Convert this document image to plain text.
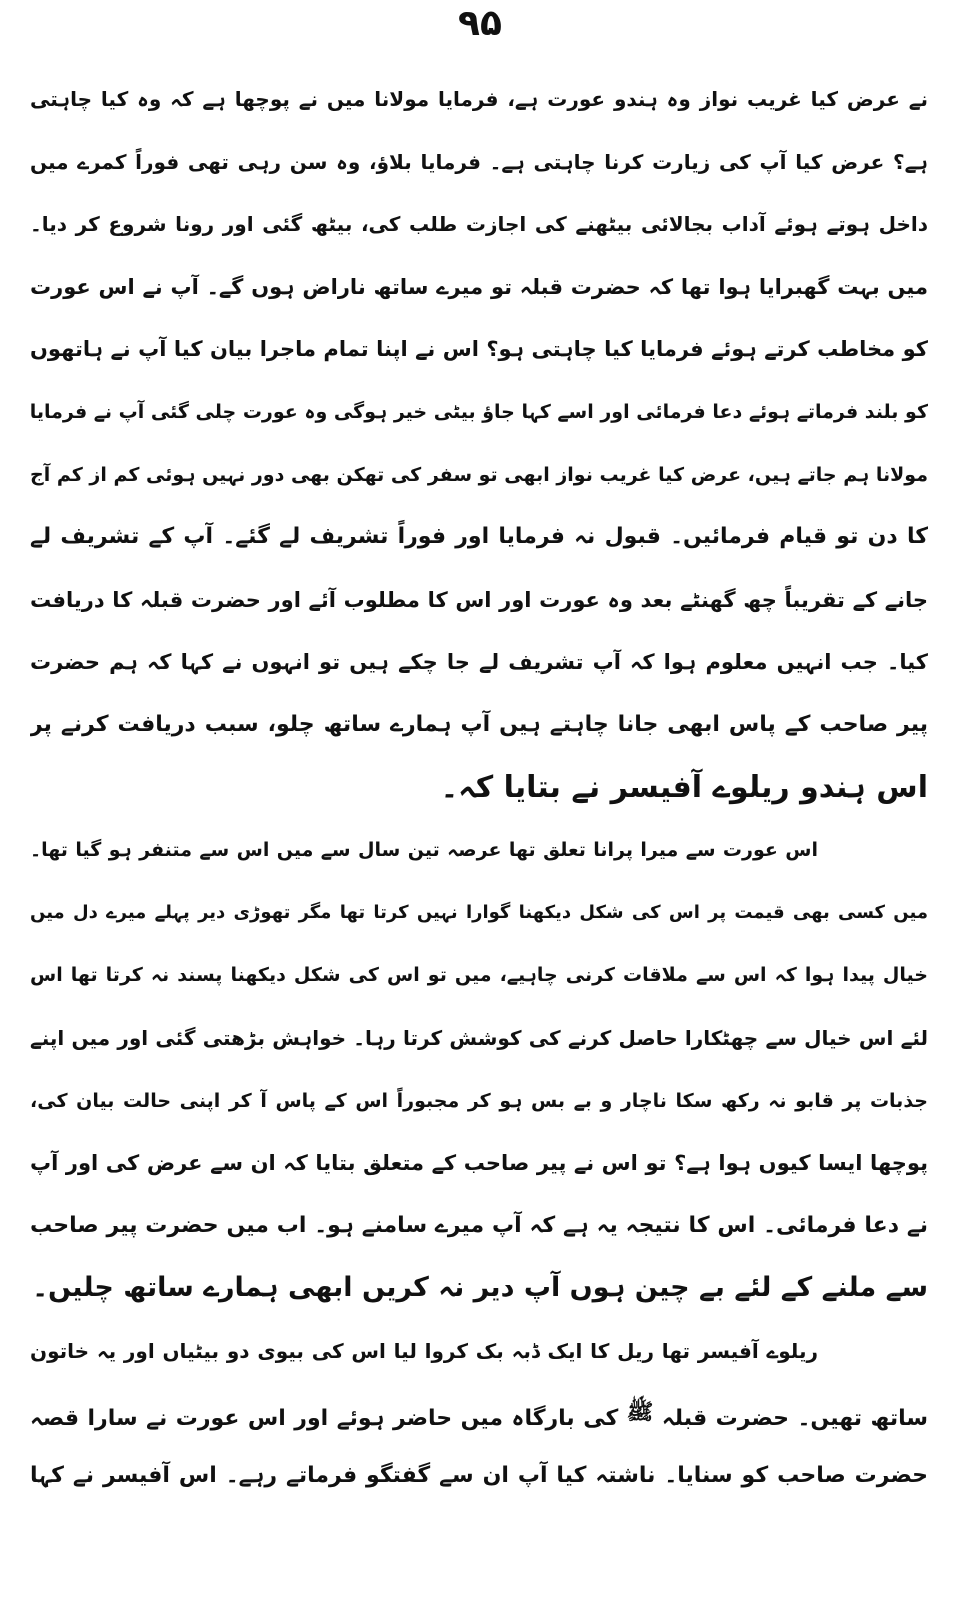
۹۵
نے عرض کیا غریب نواز وہ ہندو عورت ہے، فرمایا مولانا میں نے پوچھا ہے کہ وہ کیا چاہتی
ہے؟ عرض کیا آپ کی زیارت کرنا چاہتی ہے۔ فرمایا بلاؤ، وہ سن رہی تھی فوراً کمرے میں
داخل ہوتے ہوئے آداب بجالائی بیٹھنے کی اجازت طلب کی، بیٹھ گئی اور رونا شروع کر دیا۔
میں بہت گھبرایا ہوا تھا کہ حضرت قبلہ تو میرے ساتھ ناراض ہوں گے۔ آپ نے اس عورت
کو مخاطب کرتے ہوئے فرمایا کیا چاہتی ہو؟ اس نے اپنا تمام ماجرا بیان کیا آپ نے ہاتھوں
کو بلند فرماتے ہوئے دعا فرمائی اور اسے کہا جاؤ بیٹی خیر ہوگی وہ عورت چلی گئی آپ نے فرمایا
مولانا ہم جاتے ہیں، عرض کیا غریب نواز ابھی تو سفر کی تھکن بھی دور نہیں ہوئی کم از کم آج
کا دن تو قیام فرمائیں۔ قبول نہ فرمایا اور فوراً تشریف لے گئے۔ آپ کے تشریف لے
جانے کے تقریباً چھ گھنٹے بعد وہ عورت اور اس کا مطلوب آئے اور حضرت قبلہ کا دریافت
کیا۔ جب انہیں معلوم ہوا کہ آپ تشریف لے جا چکے ہیں تو انہوں نے کہا کہ ہم حضرت
پیر صاحب کے پاس ابھی جانا چاہتے ہیں آپ ہمارے ساتھ چلو، سبب دریافت کرنے پر
اس ہندو ریلوے آفیسر نے بتایا کہ۔
اس عورت سے میرا پرانا تعلق تھا عرصہ تین سال سے میں اس سے متنفر ہو گیا تھا۔
میں کسی بھی قیمت پر اس کی شکل دیکھنا گوارا نہیں کرتا تھا مگر تھوڑی دیر پہلے میرے دل میں
خیال پیدا ہوا کہ اس سے ملاقات کرنی چاہیے، میں تو اس کی شکل دیکھنا پسند نہ کرتا تھا اس
لئے اس خیال سے چھٹکارا حاصل کرنے کی کوشش کرتا رہا۔ خواہش بڑھتی گئی اور میں اپنے
جذبات پر قابو نہ رکھ سکا ناچار و بے بس ہو کر مجبوراً اس کے پاس آ کر اپنی حالت بیان کی،
پوچھا ایسا کیوں ہوا ہے؟ تو اس نے پیر صاحب کے متعلق بتایا کہ ان سے عرض کی اور آپ
نے دعا فرمائی۔ اس کا نتیجہ یہ ہے کہ آپ میرے سامنے ہو۔ اب میں حضرت پیر صاحب
سے ملنے کے لئے بے چین ہوں آپ دیر نہ کریں ابھی ہمارے ساتھ چلیں۔
ریلوے آفیسر تھا ریل کا ایک ڈبہ بک کروا لیا اس کی بیوی دو بیٹیاں اور یہ خاتون
ساتھ تھیں۔ حضرت قبلہ ﷺ کی بارگاہ میں حاضر ہوئے اور اس عورت نے سارا قصہ
حضرت صاحب کو سنایا۔ ناشتہ کیا آپ ان سے گفتگو فرماتے رہے۔ اس آفیسر نے کہا
